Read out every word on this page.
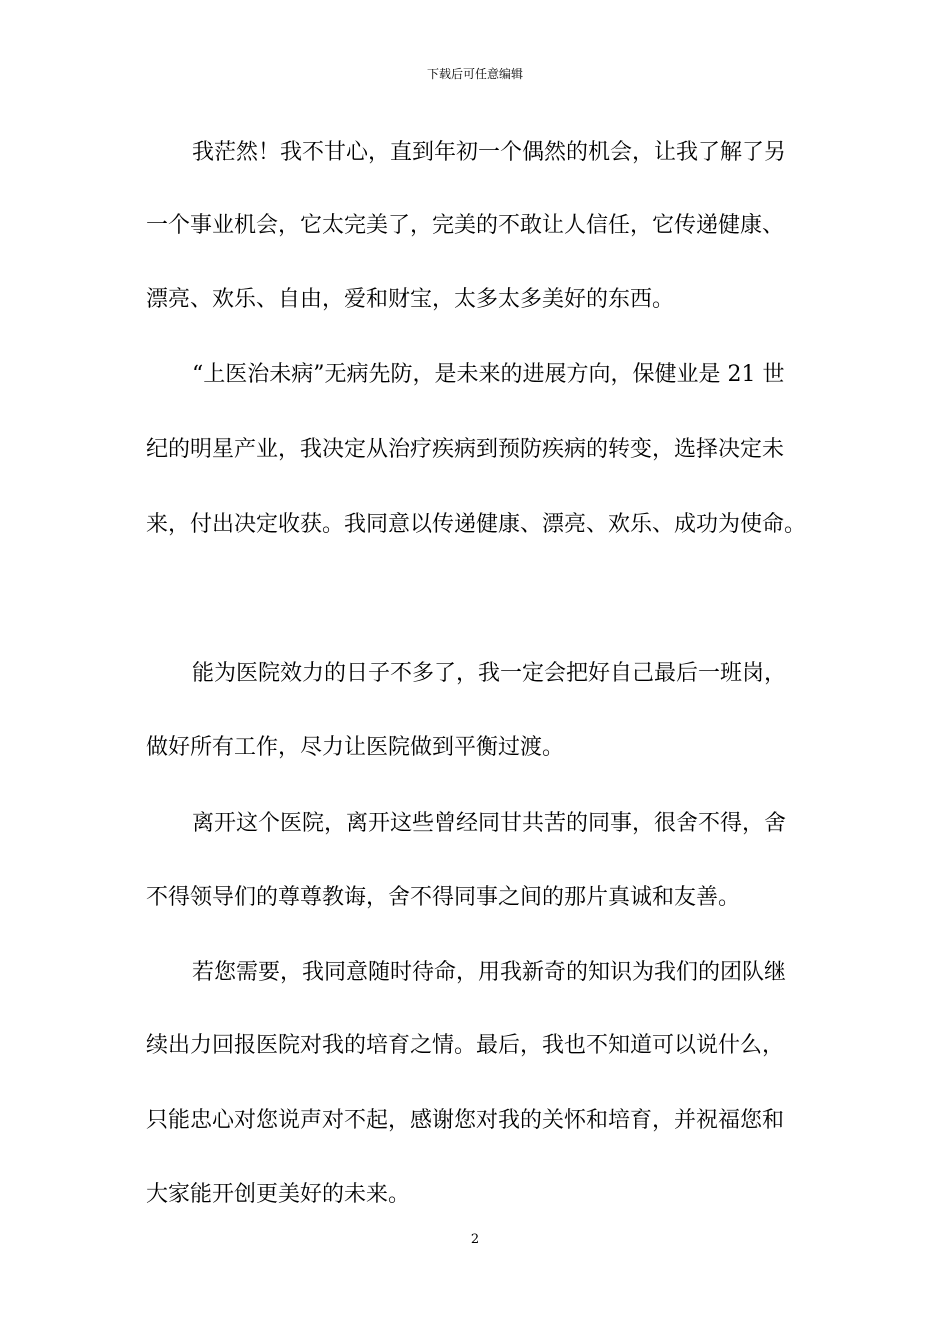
下载后可任意编辑
我茫然！我不甘心，直到年初一个偶然的机会，让我了解了另
一个事业机会，它太完美了，完美的不敢让人信任，它传递健康、
漂亮、欢乐、自由，爱和财宝，太多太多美好的东西。
“上医治未病”无病先防，是未来的进展方向，保健业是 21 世
纪的明星产业，我决定从治疗疾病到预防疾病的转变，选择决定未
来，付出决定收获。我同意以传递健康、漂亮、欢乐、成功为使命。
能为医院效力的日子不多了，我一定会把好自己最后一班岗，
做好所有工作，尽力让医院做到平衡过渡。
离开这个医院，离开这些曾经同甘共苦的同事，很舍不得，舍
不得领导们的尊尊教诲，舍不得同事之间的那片真诚和友善。
若您需要，我同意随时待命，用我新奇的知识为我们的团队继
续出力回报医院对我的培育之情。最后，我也不知道可以说什么，
只能忠心对您说声对不起，感谢您对我的关怀和培育，并祝福您和
大家能开创更美好的未来。
2
